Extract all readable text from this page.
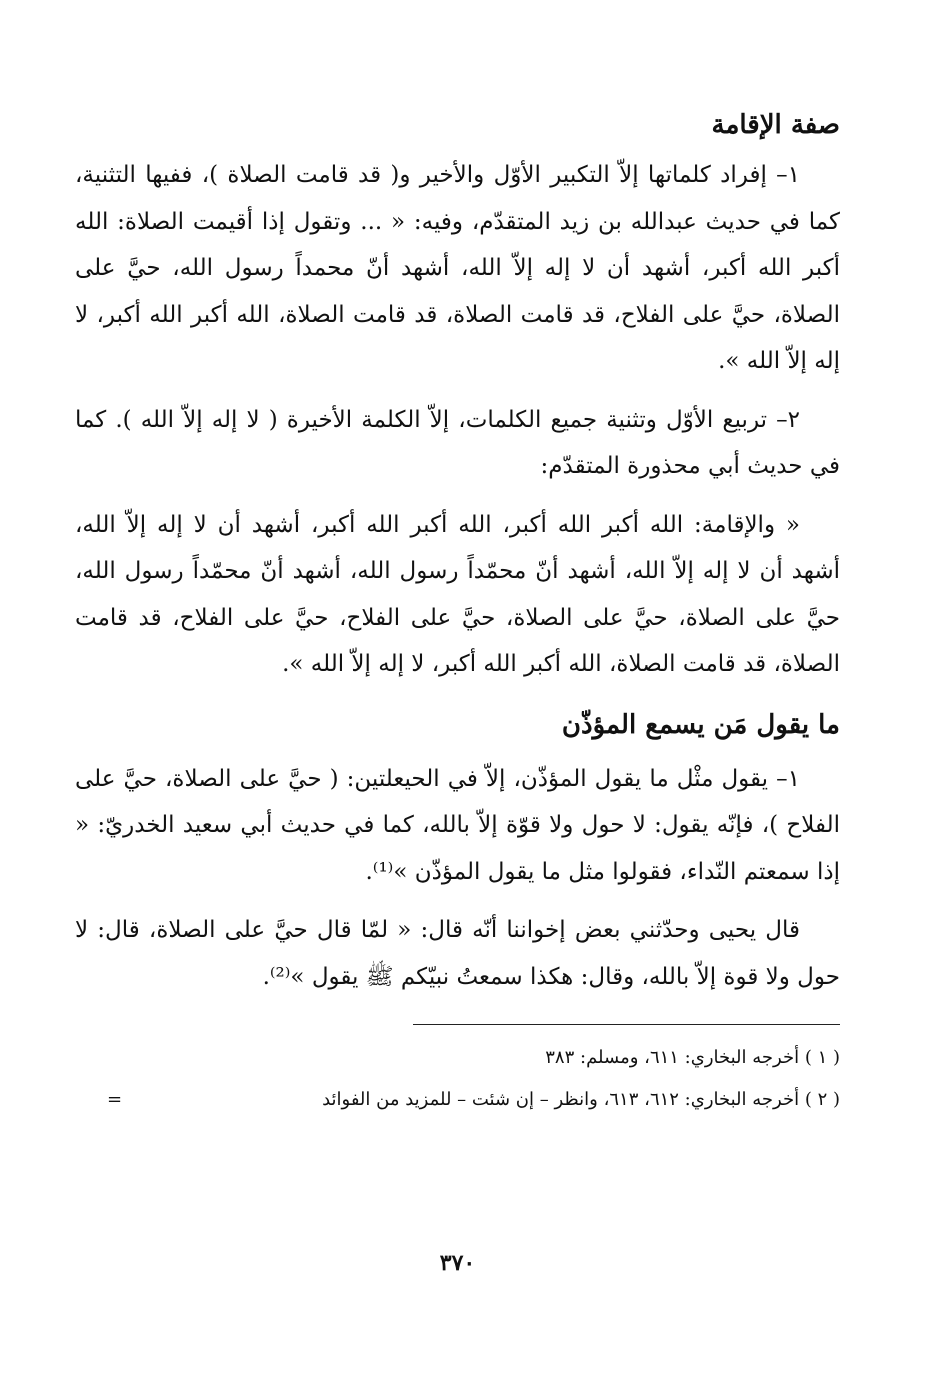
صفة الإقامة

١– إفراد كلماتها إلاّ التكبير الأوّل والأخير و( قد قامت الصلاة )، ففيها التثنية، كما في حديث عبدالله بن زيد المتقدّم، وفيه: « ... وتقول إذا أقيمت الصلاة: الله أكبر الله أكبر، أشهد أن لا إله إلاّ الله، أشهد أنّ محمداً رسول الله، حيَّ على الصلاة، حيَّ على الفلاح، قد قامت الصلاة، قد قامت الصلاة، الله أكبر الله أكبر، لا إله إلاّ الله ».

٢– تربيع الأوّل وتثنية جميع الكلمات، إلاّ الكلمة الأخيرة ( لا إله إلاّ الله ). كما في حديث أبي محذورة المتقدّم:

« والإقامة: الله أكبر الله أكبر، الله أكبر الله أكبر، أشهد أن لا إله إلاّ الله، أشهد أن لا إله إلاّ الله، أشهد أنّ محمّداً رسول الله، أشهد أنّ محمّداً رسول الله، حيَّ على الصلاة، حيَّ على الصلاة، حيَّ على الفلاح، حيَّ على الفلاح، قد قامت الصلاة، قد قامت الصلاة، الله أكبر الله أكبر، لا إله إلاّ الله ».

ما يقول مَن يسمع المؤذّن

١– يقول مثْل ما يقول المؤذّن، إلاّ في الحيعلتين: ( حيَّ على الصلاة، حيَّ على الفلاح )، فإنّه يقول: لا حول ولا قوّة إلاّ بالله، كما في حديث أبي سعيد الخدريّ: « إذا سمعتم النّداء، فقولوا مثل ما يقول المؤذّن »⁽¹⁾.

قال يحيى وحدّثني بعض إخواننا أنّه قال: « لمّا قال حيَّ على الصلاة، قال: لا حول ولا قوة إلاّ بالله، وقال: هكذا سمعتُ نبيّكم ﷺ يقول »⁽²⁾.

( ١ ) أخرجه البخاري: ٦١١، ومسلم: ٣٨٣

( ٢ ) أخرجه البخاري: ٦١٢، ٦١٣، وانظر – إن شئت – للمزيد من الفوائد
=

٣٧٠
